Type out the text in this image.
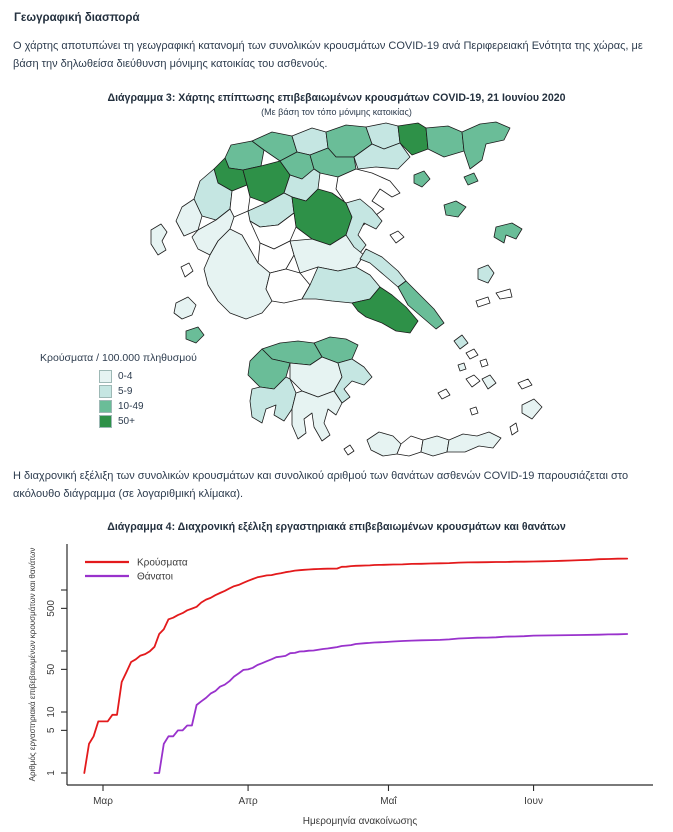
Γεωγραφική διασπορά
Ο χάρτης αποτυπώνει τη γεωγραφική κατανομή των συνολικών κρουσμάτων COVID-19 ανά Περιφερειακή Ενότητα της χώρας, με βάση την δηλωθείσα διεύθυνση μόνιμης κατοικίας του ασθενούς.
Διάγραμμα 3: Χάρτης επίπτωσης επιβεβαιωμένων κρουσμάτων COVID-19, 21 Ιουνίου 2020
(Με βάση τον τόπο μόνιμης κατοικίας)
Κρούσματα / 100.000 πληθυσμού
0-4
5-9
10-49
50+
Η διαχρονική εξέλιξη των συνολικών κρουσμάτων και συνολικού αριθμού των θανάτων ασθενών COVID-19 παρουσιάζεται στο ακόλουθο διάγραμμα (σε λογαριθμική κλίμακα).
Διάγραμμα 4: Διαχρονική εξέλιξη εργαστηριακά επιβεβαιωμένων κρουσμάτων και θανάτων
1
5
10
50
500
Μαρ	Απρ	Μαΐ	Ιουν
Κρούσματα
Θάνατοι
Ημερομηνία ανακοίνωσης
Αριθμός εργαστηριακά επιβεβαιωμένων κρουσμάτων και θανάτων
